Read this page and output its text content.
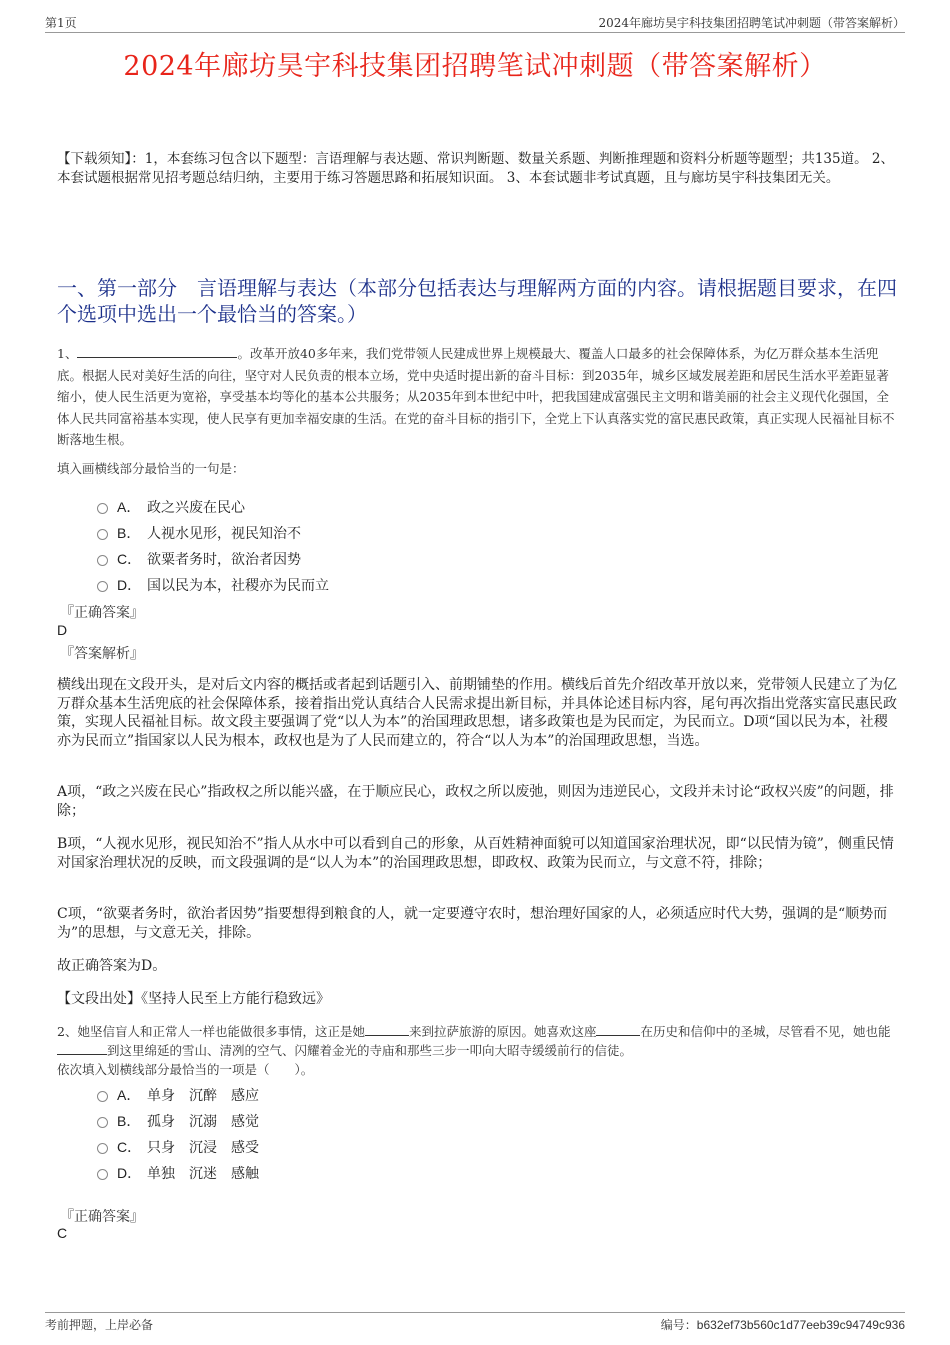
第1页	2024年廊坊昊宇科技集团招聘笔试冲刺题（带答案解析）
2024年廊坊昊宇科技集团招聘笔试冲刺题（带答案解析）
【下载须知】：1，本套练习包含以下题型：言语理解与表达题、常识判断题、数量关系题、判断推理题和资料分析题等题型；共135道。 2、本套试题根据常见招考题总结归纳，主要用于练习答题思路和拓展知识面。 3、本套试题非考试真题，且与廊坊昊宇科技集团无关。
一、第一部分　言语理解与表达（本部分包括表达与理解两方面的内容。请根据题目要求，在四个选项中选出一个最恰当的答案。）
1、	。改革开放40多年来，我们党带领人民建成世界上规模最大、覆盖人口最多的社会保障体系，为亿万群众基本生活兜底。根据人民对美好生活的向往，坚守对人民负责的根本立场，党中央适时提出新的奋斗目标：到2035年，城乡区域发展差距和居民生活水平差距显著缩小，使人民生活更为宽裕，享受基本均等化的基本公共服务；从2035年到本世纪中叶，把我国建成富强民主文明和谐美丽的社会主义现代化强国，全体人民共同富裕基本实现，使人民享有更加幸福安康的生活。在党的奋斗目标的指引下，全党上下认真落实党的富民惠民政策，真正实现人民福祉目标不断落地生根。
填入画横线部分最恰当的一句是：
A． 政之兴废在民心
B． 人视水见形，视民知治不
C． 欲粟者务时，欲治者因势
D． 国以民为本，社稷亦为民而立
『正确答案』
D
『答案解析』

横线出现在文段开头，是对后文内容的概括或者起到话题引入、前期铺垫的作用。横线后首先介绍改革开放以来，党带领人民建立了为亿万群众基本生活兜底的社会保障体系，接着指出党认真结合人民需求提出新目标，并具体论述目标内容，尾句再次指出党落实富民惠民政策，实现人民福祉目标。故文段主要强调了党“以人为本”的治国理政思想，诸多政策也是为民而定，为民而立。D项“国以民为本，社稷亦为民而立”指国家以人民为根本，政权也是为了人民而建立的，符合“以人为本”的治国理政思想，当选。

A项，“政之兴废在民心”指政权之所以能兴盛，在于顺应民心，政权之所以废弛，则因为违逆民心，文段并未讨论“政权兴废”的问题，排除；

B项，“人视水见形，视民知治不”指人从水中可以看到自己的形象，从百姓精神面貌可以知道国家治理状况，即“以民情为镜”，侧重民情对国家治理状况的反映，而文段强调的是“以人为本”的治国理政思想，即政权、政策为民而立，与文意不符，排除；

C项，“欲粟者务时，欲治者因势”指要想得到粮食的人，就一定要遵守农时，想治理好国家的人，必须适应时代大势，强调的是“顺势而为”的思想，与文意无关，排除。

故正确答案为D。

【文段出处】《坚持人民至上方能行稳致远》

2、她坚信盲人和正常人一样也能做很多事情，这正是她	来到拉萨旅游的原因。她喜欢这座	在历史和信仰中的圣城，尽管看不见，她也能到这里绵延的雪山、清冽的空气、闪耀着金光的寺庙和那些三步一叩向大昭寺缓缓前行的信徒。
依次填入划横线部分最恰当的一项是（　　）。
A． 单身　沉醉　感应
B． 孤身　沉溺　感觉
C． 只身　沉浸　感受
D． 单独　沉迷　感触
『正确答案』
C
考前押题，上岸必备	编号：b632ef73b560c1d77eeb39c94749c936
